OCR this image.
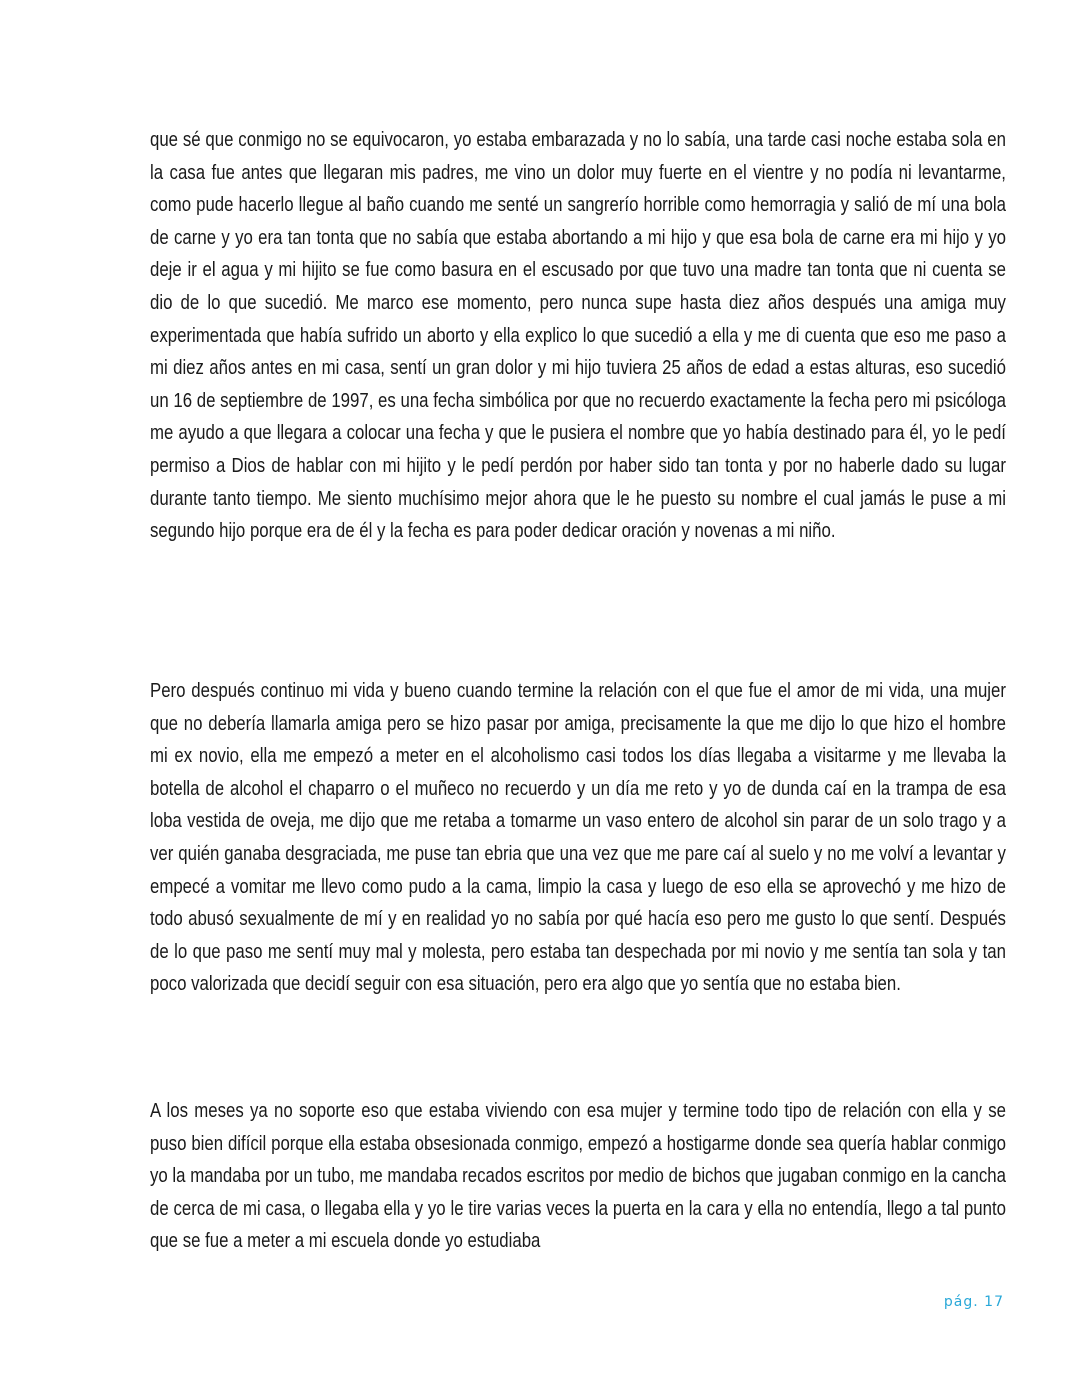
que sé que conmigo no se equivocaron, yo estaba embarazada y no lo sabía, una tarde casi noche estaba sola en la casa fue antes que llegaran mis padres, me vino un dolor muy fuerte en el vientre y no podía ni levantarme, como pude hacerlo llegue al baño cuando me senté un sangrerío horrible como hemorragia y salió de mí una bola de carne y yo era tan tonta que no sabía que estaba abortando a mi hijo y que esa bola de carne era mi hijo y yo deje ir el agua y mi hijito se fue como basura en el escusado por que tuvo una madre tan tonta que ni cuenta se dio de lo que sucedió. Me marco ese momento, pero nunca supe hasta diez años después una amiga muy experimentada que había sufrido un aborto y ella explico lo que sucedió a ella y me di cuenta que eso me paso a mi diez años antes en mi casa, sentí un gran dolor y mi hijo tuviera 25 años de edad a estas alturas, eso sucedió un 16 de septiembre de 1997, es una fecha simbólica por que no recuerdo exactamente la fecha pero mi psicóloga me ayudo a que llegara a colocar una fecha y que le pusiera el nombre que yo había destinado para él, yo le pedí permiso a Dios de hablar con mi hijito y le pedí perdón por haber sido tan tonta y por no haberle dado su lugar durante tanto tiempo. Me siento muchísimo mejor ahora que le he puesto su nombre el cual jamás le puse a mi segundo hijo porque era de él y la fecha es para poder dedicar oración y novenas a mi niño.

Pero después continuo mi vida y bueno cuando termine la relación con el que fue el amor de mi vida, una mujer que no debería llamarla amiga pero se hizo pasar por amiga, precisamente la que me dijo lo que hizo el hombre mi ex novio, ella me empezó a meter en el alcoholismo casi todos los días llegaba a visitarme y me llevaba la botella de alcohol el chaparro o el muñeco no recuerdo y un día me reto y yo de dunda caí en la trampa de esa loba vestida de oveja, me dijo que me retaba a tomarme un vaso entero de alcohol sin parar de un solo trago y a ver quién ganaba desgraciada, me puse tan ebria que una vez que me pare caí al suelo y no me volví a levantar y empecé a vomitar me llevo como pudo a la cama, limpio la casa y luego de eso ella se aprovechó y me hizo de todo abusó sexualmente de mí y en realidad yo no sabía por qué hacía eso pero me gusto lo que sentí. Después de lo que paso me sentí muy mal y molesta, pero estaba tan despechada por mi novio y me sentía tan sola y tan poco valorizada que decidí seguir con esa situación, pero era algo que yo sentía que no estaba bien.

A los meses ya no soporte eso que estaba viviendo con esa mujer y termine todo tipo de relación con ella y se puso bien difícil porque ella estaba obsesionada conmigo, empezó a hostigarme donde sea quería hablar conmigo yo la mandaba por un tubo, me mandaba recados escritos por medio de bichos que jugaban conmigo en la cancha de cerca de mi casa, o llegaba ella y yo le tire varias veces la puerta en la cara y ella no entendía, llego a tal punto que se fue a meter a mi escuela donde yo estudiaba

pág. 17
